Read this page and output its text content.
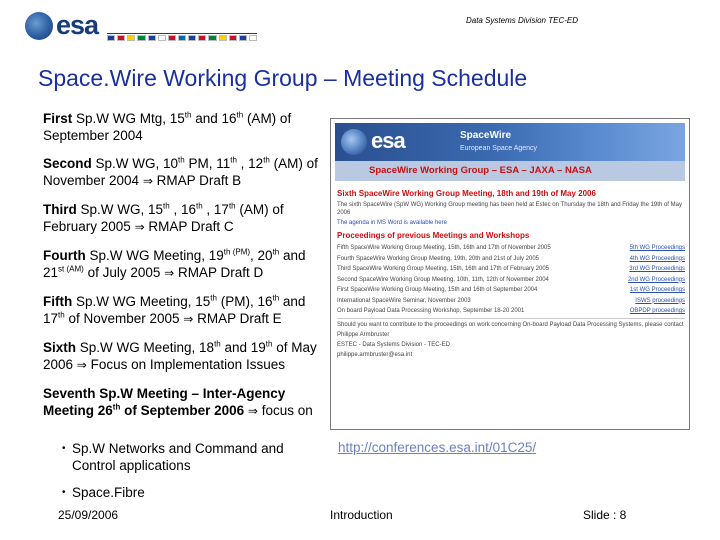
esa	Data Systems Division TEC-ED
Space.Wire Working Group – Meeting Schedule
First Sp.W WG Mtg, 15th and 16th (AM) of September 2004
Second Sp.W WG, 10th PM, 11th , 12th (AM) of November 2004 ⇒ RMAP Draft B
Third Sp.W WG, 15th , 16th , 17th (AM) of February 2005 ⇒ RMAP Draft C
Fourth Sp.W WG Meeting, $19^{th (PM)}$, 20th and $21^{st (AM)}$ of July 2005 ⇒ RMAP Draft D
Fifth Sp.W WG Meeting, 15th (PM), 16th and 17th of November 2005 ⇒ RMAP Draft E
Sixth Sp.W WG Meeting, 18th and 19th of May 2006 ⇒ Focus on Implementation Issues
Seventh Sp.W Meeting – Inter-Agency Meeting 26th of September 2006 ⇒ focus on
• Sp.W Networks and Command and Control applications
• Space.Fibre
esa	SpaceWire
European Space Agency
SpaceWire Working Group – ESA – JAXA – NASA
Sixth SpaceWire Working Group Meeting, 18th and 19th of May 2006
The sixth SpaceWire (SpW WG) Working Group meeting has been held at Estec on Thursday the 18th and Friday the 19th of May 2006
The agenda in MS Word is available here
Proceedings of previous Meetings and Workshops
Fifth SpaceWire Working Group Meeting, 15th, 16th and 17th of November 2005	5th WG Proceedings
Fourth SpaceWire Working Group Meeting, 19th, 20th and 21st of July 2005	4th WG Proceedings
Third SpaceWire Working Group Meeting, 15th, 16th and 17th of February 2005	3rd WG Proceedings
Second SpaceWire Working Group Meeting, 10th, 11th, 12th of November 2004	2nd WG Proceedings
First SpaceWire Working Group Meeting, 15th and 16th of September 2004	1st WG Proceedings
International SpaceWire Seminar, November 2003	ISWS proceedings
On board Payload Data Processing Workshop, September 18-20 2001	OBPDP proceedings
Should you want to contribute to the proceedings on work concerning On-board Payload Data Processing Systems, please contact
Philippe Armbruster
ESTEC - Data Systems Division - TEC-ED
philippe.armbruster@esa.int
http://conferences.esa.int/01C25/
25/09/2006	Introduction	Slide : 8
